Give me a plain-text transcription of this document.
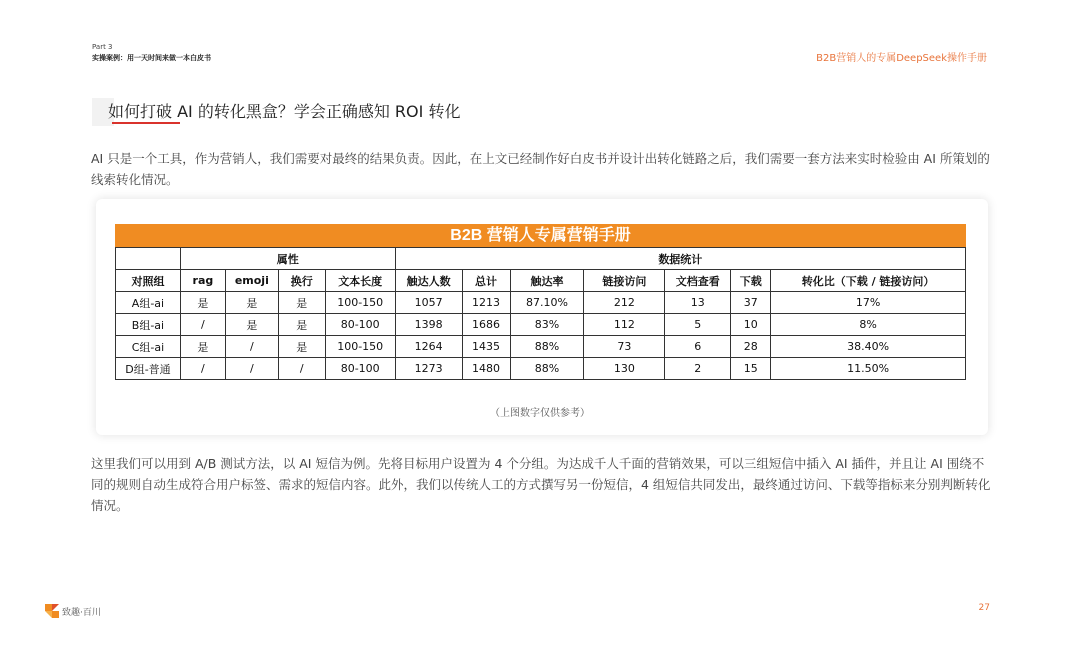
Part 3
实操案例：用一天时间来做一本白皮书	B2B营销人的专属DeepSeek操作手册
如何打破 AI 的转化黑盒？学会正确感知 ROI 转化
AI 只是一个工具，作为营销人，我们需要对最终的结果负责。因此，在上文已经制作好白皮书并设计出转化链路之后，我们需要一套方法来实时检验由 AI 所策划的线索转化情况。
B2B 营销人专属营销手册
	属性				数据统计						
对照组	rag	emoji	换行	文本长度	触达人数	总计	触达率	链接访问	文档查看	下载	转化比（下载 / 链接访问）
A组-ai	是	是	是	100-150	1057	1213	87.10%	212	13	37	17%
B组-ai	/	是	是	80-100	1398	1686	83%	112	5	10	8%
C组-ai	是	/	是	100-150	1264	1435	88%	73	6	28	38.40%
D组-普通	/	/	/	80-100	1273	1480	88%	130	2	15	11.50%
（上图数字仅供参考）
这里我们可以用到 A/B 测试方法，以 AI 短信为例。先将目标用户设置为 4 个分组。为达成千人千面的营销效果，可以三组短信中插入 AI 插件，并且让 AI 围绕不同的规则自动生成符合用户标签、需求的短信内容。此外，我们以传统人工的方式撰写另一份短信，4 组短信共同发出，最终通过访问、下载等指标来分别判断转化情况。
致趣·百川	27
